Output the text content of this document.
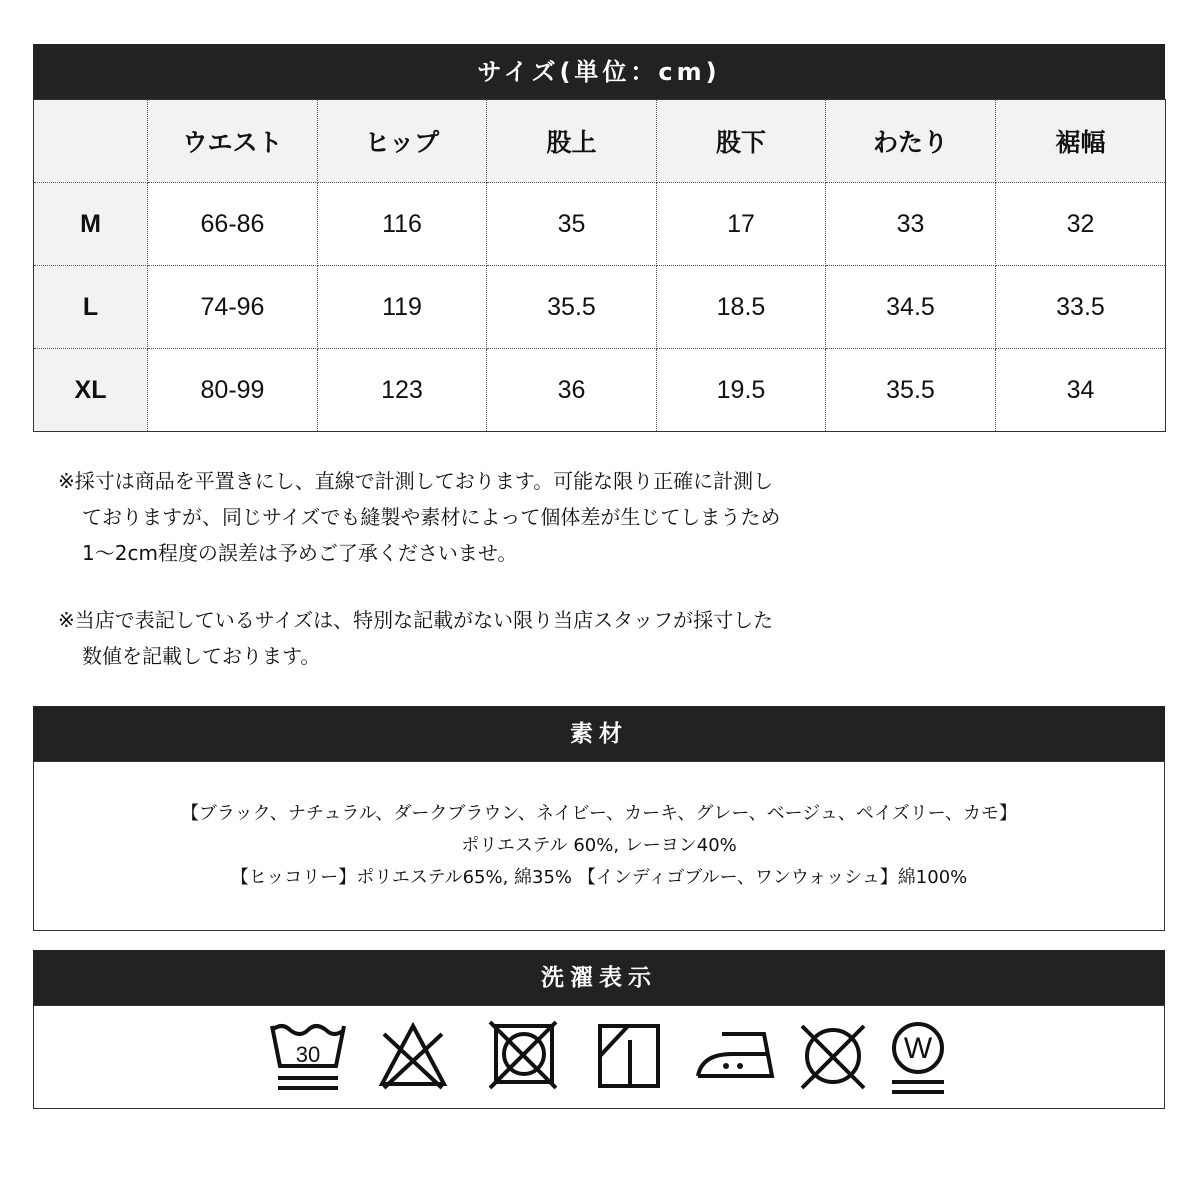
サイズ(単位：cm)
	ウエスト	ヒップ	股上	股下	わたり	裾幅
M	66-86	116	35	17	33	32
L	74-96	119	35.5	18.5	34.5	33.5
XL	80-99	123	36	19.5	35.5	34
※採寸は商品を平置きにし、直線で計測しております。可能な限り正確に計測し
ておりますが、同じサイズでも縫製や素材によって個体差が生じてしまうため
1〜2cm程度の誤差は予めご了承くださいませ。
※当店で表記しているサイズは、特別な記載がない限り当店スタッフが採寸した
数値を記載しております。
素材
【ブラック、ナチュラル、ダークブラウン、ネイビー、カーキ、グレー、ベージュ、ペイズリー、カモ】
ポリエステル 60%, レーヨン40%
【ヒッコリー】ポリエステル65%, 綿35% 【インディゴブルー、ワンウォッシュ】綿100%
洗濯表示
30	W
